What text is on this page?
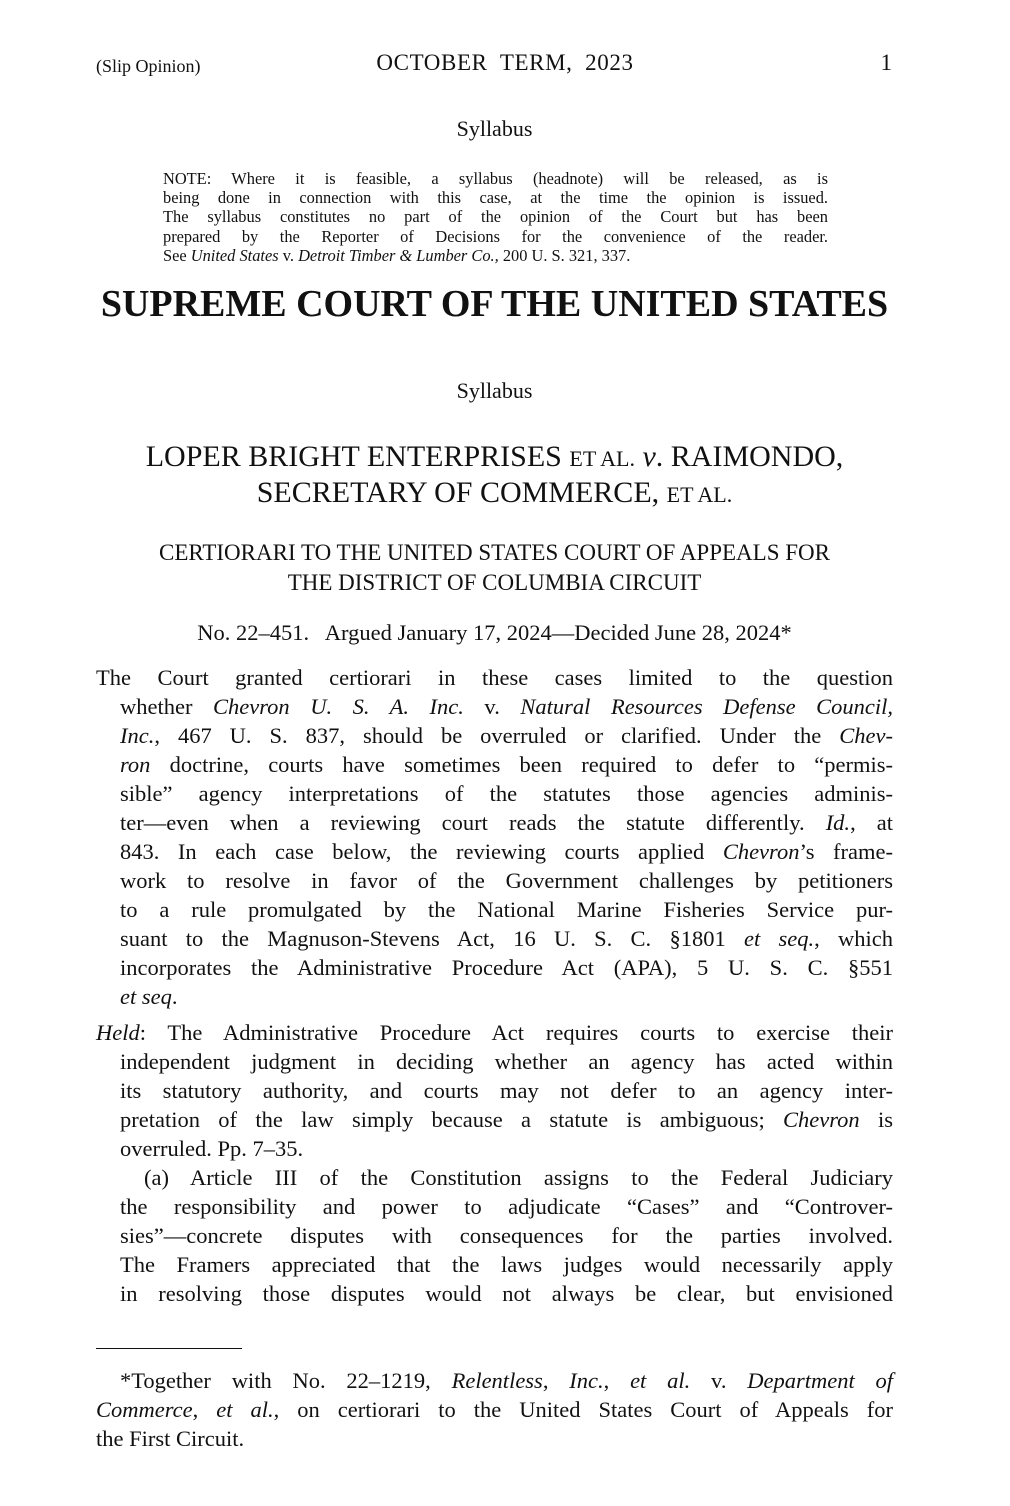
(Slip Opinion)	OCTOBER  TERM,  2023	1
Syllabus
NOTE: Where it is feasible, a syllabus (headnote) will be released, as is
being done in connection with this case, at the time the opinion is issued.
The syllabus constitutes no part of the opinion of the Court but has been
prepared by the Reporter of Decisions for the convenience of the reader.
See United States v. Detroit Timber & Lumber Co., 200 U. S. 321, 337.
SUPREME COURT OF THE UNITED STATES
Syllabus
LOPER BRIGHT ENTERPRISES ET AL. v. RAIMONDO,
SECRETARY OF COMMERCE, ET AL.
CERTIORARI TO THE UNITED STATES COURT OF APPEALS FOR
THE DISTRICT OF COLUMBIA CIRCUIT
No. 22–451.   Argued January 17, 2024—Decided June 28, 2024*
The Court granted certiorari in these cases limited to the question
whether Chevron U. S. A. Inc. v. Natural Resources Defense Council,
Inc., 467 U. S. 837, should be overruled or clarified. Under the Chev-
ron doctrine, courts have sometimes been required to defer to “permis-
sible” agency interpretations of the statutes those agencies adminis-
ter—even when a reviewing court reads the statute differently. Id., at
843. In each case below, the reviewing courts applied Chevron’s frame-
work to resolve in favor of the Government challenges by petitioners
to a rule promulgated by the National Marine Fisheries Service pur-
suant to the Magnuson-Stevens Act, 16 U. S. C. §1801 et seq., which
incorporates the Administrative Procedure Act (APA), 5 U. S. C. §551
et seq.
Held: The Administrative Procedure Act requires courts to exercise their
independent judgment in deciding whether an agency has acted within
its statutory authority, and courts may not defer to an agency inter-
pretation of the law simply because a statute is ambiguous; Chevron is
overruled. Pp. 7–35.
(a) Article III of the Constitution assigns to the Federal Judiciary
the responsibility and power to adjudicate “Cases” and “Controver-
sies”—concrete disputes with consequences for the parties involved.
The Framers appreciated that the laws judges would necessarily apply
in resolving those disputes would not always be clear, but envisioned
*Together with No. 22–1219, Relentless, Inc., et al. v. Department of
Commerce, et al., on certiorari to the United States Court of Appeals for
the First Circuit.
